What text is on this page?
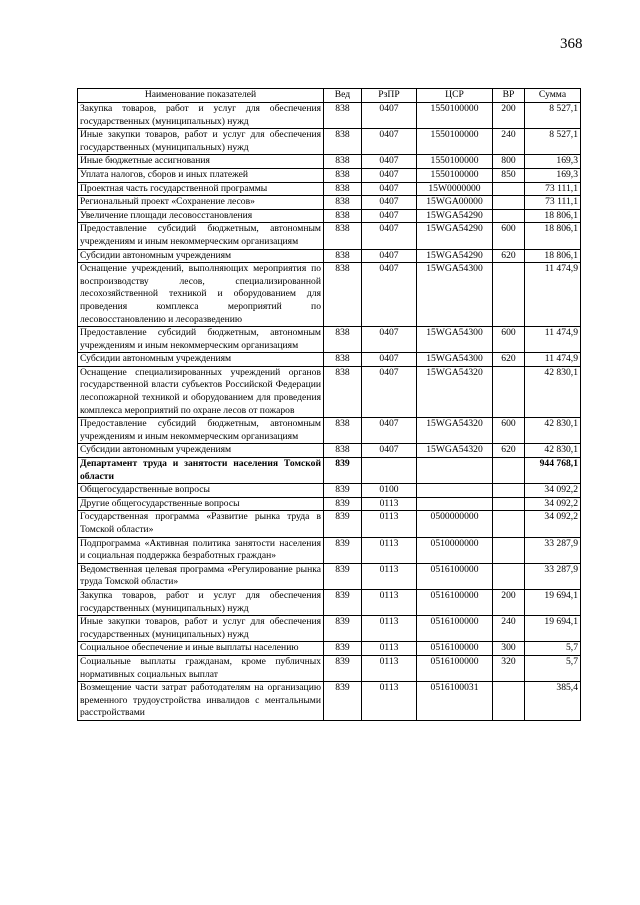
368
Наименование показателей	Вед	РзПР	ЦСР	ВР	Сумма
Закупка товаров, работ и услуг для обеспечения государственных (муниципальных) нужд	838	0407	1550100000	200	8 527,1
Иные закупки товаров, работ и услуг для обеспечения государственных (муниципальных) нужд	838	0407	1550100000	240	8 527,1
Иные бюджетные ассигнования	838	0407	1550100000	800	169,3
Уплата налогов, сборов и иных платежей	838	0407	1550100000	850	169,3
Проектная часть государственной программы	838	0407	15W0000000		73 111,1
Региональный проект «Сохранение лесов»	838	0407	15WGA00000		73 111,1
Увеличение площади лесовосстановления	838	0407	15WGA54290		18 806,1
Предоставление субсидий бюджетным, автономным учреждениям и иным некоммерческим организациям	838	0407	15WGA54290	600	18 806,1
Субсидии автономным учреждениям	838	0407	15WGA54290	620	18 806,1
Оснащение учреждений, выполняющих мероприятия по воспроизводству лесов, специализированной лесохозяйственной техникой и оборудованием для проведения комплекса мероприятий по лесовосстановлению и лесоразведению	838	0407	15WGA54300		11 474,9
Предоставление субсидий бюджетным, автономным учреждениям и иным некоммерческим организациям	838	0407	15WGA54300	600	11 474,9
Субсидии автономным учреждениям	838	0407	15WGA54300	620	11 474,9
Оснащение специализированных учреждений органов государственной власти субъектов Российской Федерации лесопожарной техникой и оборудованием для проведения комплекса мероприятий по охране лесов от пожаров	838	0407	15WGA54320		42 830,1
Предоставление субсидий бюджетным, автономным учреждениям и иным некоммерческим организациям	838	0407	15WGA54320	600	42 830,1
Субсидии автономным учреждениям	838	0407	15WGA54320	620	42 830,1
Департамент труда и занятости населения Томской области	839				944 768,1
Общегосударственные вопросы	839	0100			34 092,2
Другие общегосударственные вопросы	839	0113			34 092,2
Государственная программа «Развитие рынка труда в Томской области»	839	0113	0500000000		34 092,2
Подпрограмма «Активная политика занятости населения и социальная поддержка безработных граждан»	839	0113	0510000000		33 287,9
Ведомственная целевая программа «Регулирование рынка труда Томской области»	839	0113	0516100000		33 287,9
Закупка товаров, работ и услуг для обеспечения государственных (муниципальных) нужд	839	0113	0516100000	200	19 694,1
Иные закупки товаров, работ и услуг для обеспечения государственных (муниципальных) нужд	839	0113	0516100000	240	19 694,1
Социальное обеспечение и иные выплаты населению	839	0113	0516100000	300	5,7
Социальные выплаты гражданам, кроме публичных нормативных социальных выплат	839	0113	0516100000	320	5,7
Возмещение части затрат работодателям на организацию временного трудоустройства инвалидов с ментальными расстройствами	839	0113	0516100031		385,4
